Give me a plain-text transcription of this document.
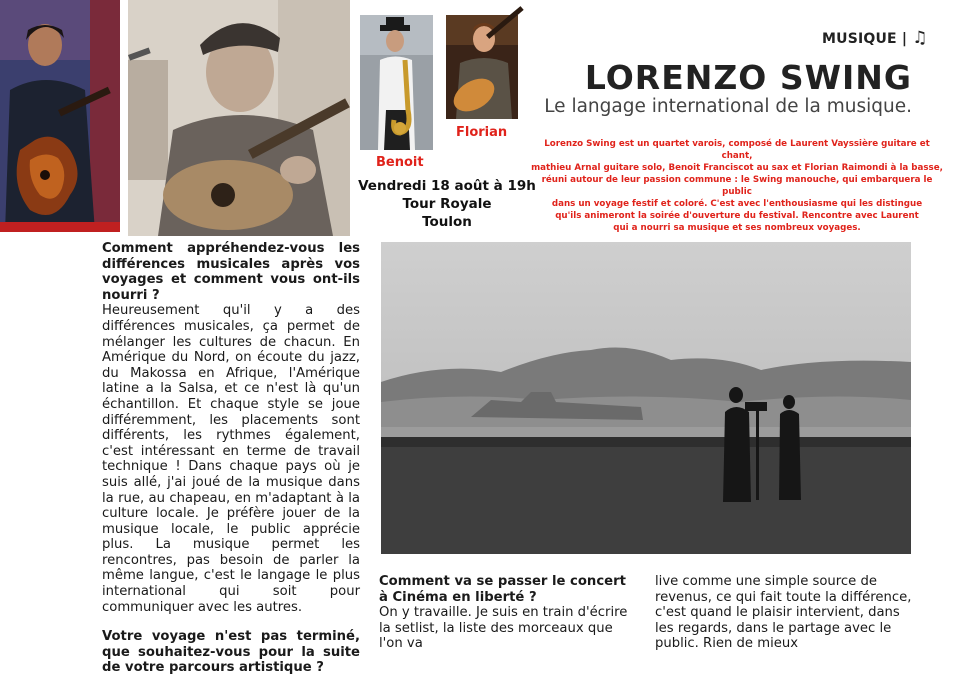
Benoit
Florian
Vendredi 18 août à 19h
Tour Royale
Toulon
MUSIQUE | ♫
LORENZO SWING
Le langage international de la musique.
Lorenzo Swing est un quartet varois, composé de Laurent Vayssière guitare et chant,
mathieu Arnal guitare solo, Benoit Franciscot au sax et Florian Raimondi à la basse,
réuni autour de leur passion commune : le Swing manouche, qui embarquera le public
dans un voyage festif et coloré. C'est avec l'enthousiasme qui les distingue
qu'ils animeront la soirée d'ouverture du festival. Rencontre avec Laurent
qui a nourri sa musique et ses nombreux voyages.

Comment appréhendez-vous les différences musicales après vos voyages et comment vous ont-ils nourri ?
Heureusement qu'il y a des différences musicales, ça permet de mélanger les cultures de chacun. En Amérique du Nord, on écoute du jazz, du Makossa en Afrique, l'Amérique latine a la Salsa, et ce n'est là qu'un échantillon. Et chaque style se joue différemment, les placements sont différents, les rythmes également, c'est intéressant en terme de travail technique ! Dans chaque pays où je suis allé, j'ai joué de la musique dans la rue, au chapeau, en m'adaptant à la culture locale. Je préfère jouer de la musique locale, le public apprécie plus. La musique permet les rencontres, pas besoin de parler la même langue, c'est le langage le plus international qui soit pour communiquer avec les autres.

Votre voyage n'est pas terminé, que souhaitez-vous pour la suite de votre parcours artistique ?

Comment va se passer le concert à Cinéma en liberté ?
On y travaille. Je suis en train d'écrire la setlist, la liste des morceaux que l'on va
live comme une simple source de revenus, ce qui fait toute la différence, c'est quand le plaisir intervient, dans les regards, dans le partage avec le public. Rien de mieux
